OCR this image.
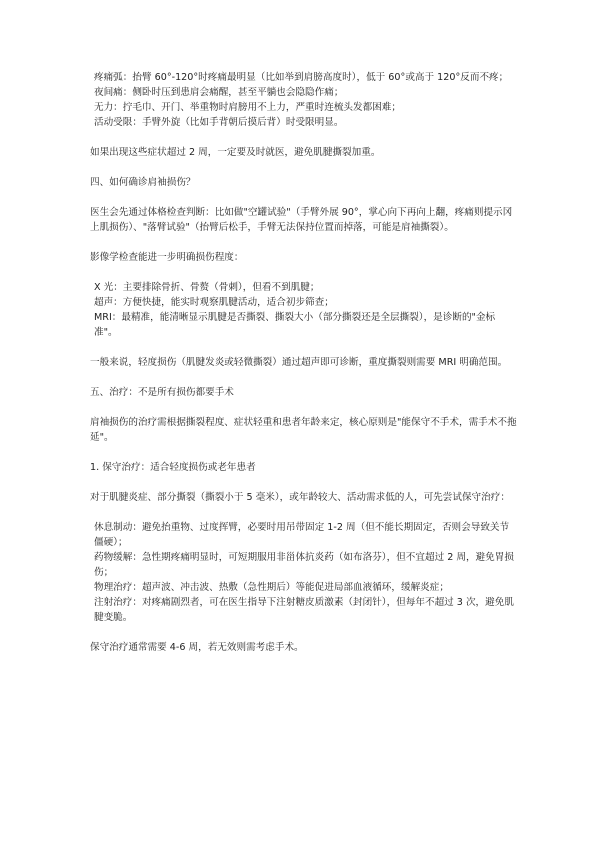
疼痛弧：抬臂 60°-120°时疼痛最明显（比如举到肩膀高度时），低于 60°或高于 120°反而不疼；

夜间痛：侧卧时压到患肩会痛醒，甚至平躺也会隐隐作痛；

无力：拧毛巾、开门、举重物时肩膀用不上力，严重时连梳头发都困难；

活动受限：手臂外旋（比如手背朝后摸后背）时受限明显。

如果出现这些症状超过 2 周，一定要及时就医，避免肌腱撕裂加重。

四、如何确诊肩袖损伤？

医生会先通过体格检查判断：比如做"空罐试验"（手臂外展 90°，掌心向下再向上翻，疼痛则提示冈上肌损伤）、"落臂试验"（抬臂后松手，手臂无法保持位置而掉落，可能是肩袖撕裂）。

影像学检查能进一步明确损伤程度：

X 光：主要排除骨折、骨赘（骨刺），但看不到肌腱；

超声：方便快捷，能实时观察肌腱活动，适合初步筛查；

MRI：最精准，能清晰显示肌腱是否撕裂、撕裂大小（部分撕裂还是全层撕裂），是诊断的"金标准"。

一般来说，轻度损伤（肌腱发炎或轻微撕裂）通过超声即可诊断，重度撕裂则需要 MRI 明确范围。

五、治疗：不是所有损伤都要手术

肩袖损伤的治疗需根据撕裂程度、症状轻重和患者年龄来定，核心原则是"能保守不手术，需手术不拖延"。

1. 保守治疗：适合轻度损伤或老年患者

对于肌腱炎症、部分撕裂（撕裂小于 5 毫米），或年龄较大、活动需求低的人，可先尝试保守治疗：

休息制动：避免抬重物、过度挥臂，必要时用吊带固定 1-2 周（但不能长期固定，否则会导致关节僵硬）；

药物缓解：急性期疼痛明显时，可短期服用非甾体抗炎药（如布洛芬），但不宜超过 2 周，避免胃损伤；

物理治疗：超声波、冲击波、热敷（急性期后）等能促进局部血液循环，缓解炎症；

注射治疗：对疼痛剧烈者，可在医生指导下注射糖皮质激素（封闭针），但每年不超过 3 次，避免肌腱变脆。

保守治疗通常需要 4-6 周，若无效则需考虑手术。
